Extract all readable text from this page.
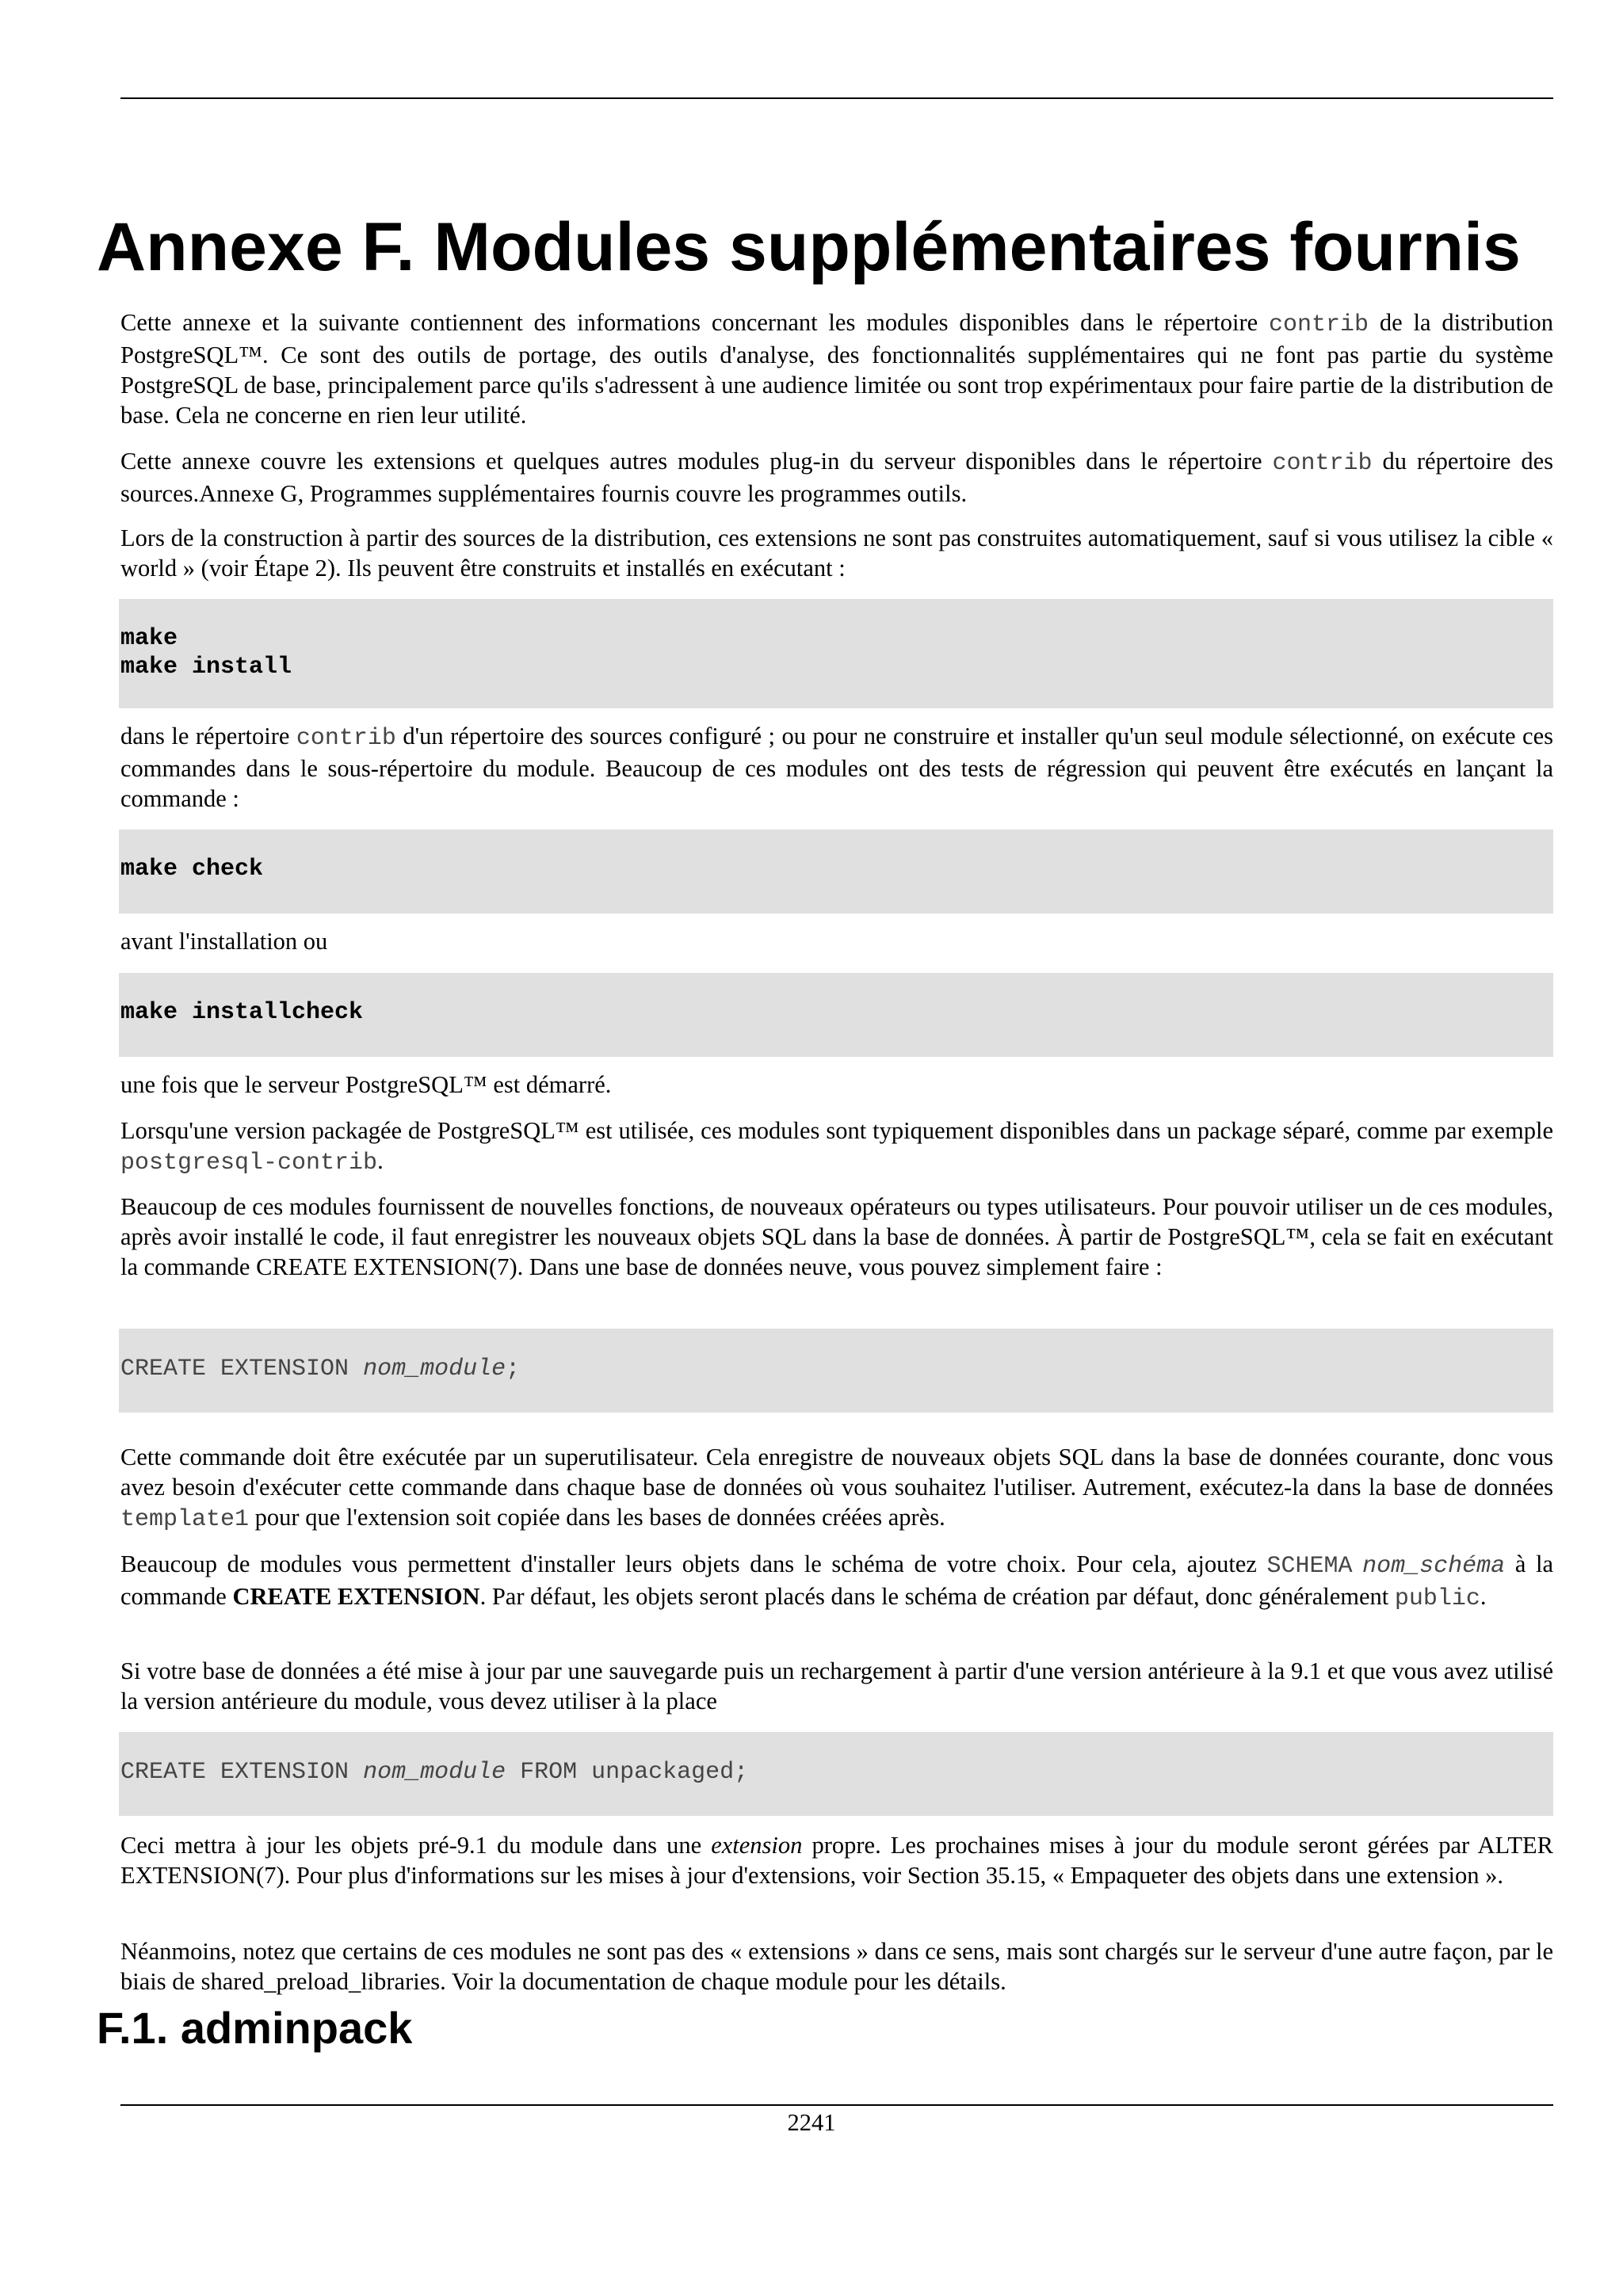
Annexe F. Modules supplémentaires fournis

Cette annexe et la suivante contiennent des informations concernant les modules disponibles dans le répertoire contrib de la distribution PostgreSQL™. Ce sont des outils de portage, des outils d'analyse, des fonctionnalités supplémentaires qui ne font pas partie du système PostgreSQL de base, principalement parce qu'ils s'adressent à une audience limitée ou sont trop expérimentaux pour faire partie de la distribution de base. Cela ne concerne en rien leur utilité.

Cette annexe couvre les extensions et quelques autres modules plug-in du serveur disponibles dans le répertoire contrib du répertoire des sources.Annexe G, Programmes supplémentaires fournis couvre les programmes outils.

Lors de la construction à partir des sources de la distribution, ces extensions ne sont pas construites automatiquement, sauf si vous utilisez la cible « world » (voir Étape 2). Ils peuvent être construits et installés en exécutant :

make
make install

dans le répertoire contrib d'un répertoire des sources configuré ; ou pour ne construire et installer qu'un seul module sélectionné, on exécute ces commandes dans le sous-répertoire du module. Beaucoup de ces modules ont des tests de régression qui peuvent être exécutés en lançant la commande :

make check

avant l'installation ou

make installcheck

une fois que le serveur PostgreSQL™ est démarré.

Lorsqu'une version packagée de PostgreSQL™ est utilisée, ces modules sont typiquement disponibles dans un package séparé, comme par exemple postgresql-contrib.

Beaucoup de ces modules fournissent de nouvelles fonctions, de nouveaux opérateurs ou types utilisateurs. Pour pouvoir utiliser un de ces modules, après avoir installé le code, il faut enregistrer les nouveaux objets SQL dans la base de données. À partir de PostgreSQL™, cela se fait en exécutant la commande CREATE EXTENSION(7). Dans une base de données neuve, vous pouvez simplement faire :

CREATE EXTENSION nom_module;

Cette commande doit être exécutée par un superutilisateur. Cela enregistre de nouveaux objets SQL dans la base de données courante, donc vous avez besoin d'exécuter cette commande dans chaque base de données où vous souhaitez l'utiliser. Autrement, exécutez-la dans la base de données template1 pour que l'extension soit copiée dans les bases de données créées après.

Beaucoup de modules vous permettent d'installer leurs objets dans le schéma de votre choix. Pour cela, ajoutez SCHEMA nom_schéma à la commande CREATE EXTENSION. Par défaut, les objets seront placés dans le schéma de création par défaut, donc généralement public.

Si votre base de données a été mise à jour par une sauvegarde puis un rechargement à partir d'une version antérieure à la 9.1 et que vous avez utilisé la version antérieure du module, vous devez utiliser à la place

CREATE EXTENSION nom_module FROM unpackaged;

Ceci mettra à jour les objets pré-9.1 du module dans une extension propre. Les prochaines mises à jour du module seront gérées par ALTER EXTENSION(7). Pour plus d'informations sur les mises à jour d'extensions, voir Section 35.15, « Empaqueter des objets dans une extension ».

Néanmoins, notez que certains de ces modules ne sont pas des « extensions » dans ce sens, mais sont chargés sur le serveur d'une autre façon, par le biais de shared_preload_libraries. Voir la documentation de chaque module pour les détails.

F.1. adminpack
2241
